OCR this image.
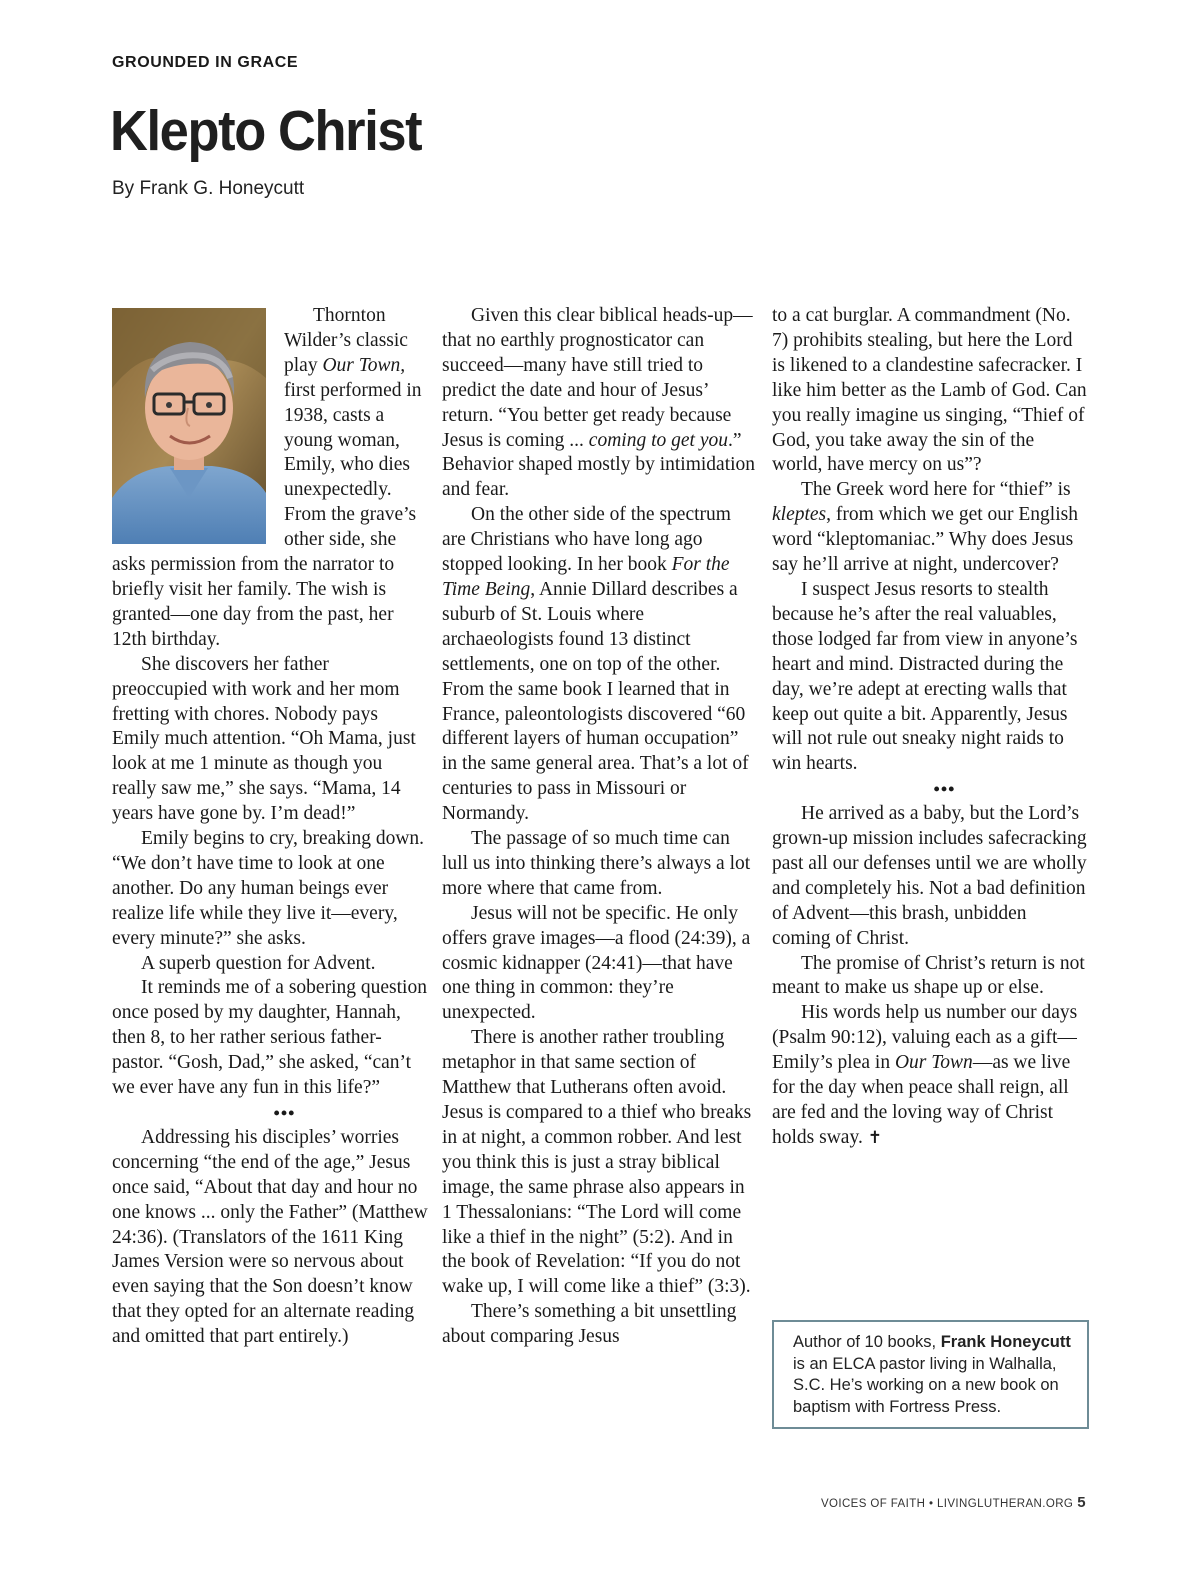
GROUNDED IN GRACE
Klepto Christ
By Frank G. Honeycutt

Thornton Wilder’s classic play Our Town, first performed in 1938, casts a young woman, Emily, who dies unexpectedly. From the grave’s other side, she asks permission from the narrator to briefly visit her family. The wish is granted—one day from the past, her 12th birthday.

She discovers her father preoccupied with work and her mom fretting with chores. Nobody pays Emily much attention. “Oh Mama, just look at me 1 minute as though you really saw me,” she says. “Mama, 14 years have gone by. I’m dead!”

Emily begins to cry, breaking down. “We don’t have time to look at one another. Do any human beings ever realize life while they live it—every, every minute?” she asks.

A superb question for Advent.

It reminds me of a sobering question once posed by my daughter, Hannah, then 8, to her rather serious father-pastor. “Gosh, Dad,” she asked, “can’t we ever have any fun in this life?”

•••

Addressing his disciples’ worries concerning “the end of the age,” Jesus once said, “About that day and hour no one knows ... only the Father” (Matthew 24:36). (Translators of the 1611 King James Version were so nervous about even saying that the Son doesn’t know that they opted for an alternate reading and omitted that part entirely.)

Given this clear biblical heads-up—that no earthly prognosticator can succeed—many have still tried to predict the date and hour of Jesus’ return. “You better get ready because Jesus is coming ... coming to get you.” Behavior shaped mostly by intimidation and fear.

On the other side of the spectrum are Christians who have long ago stopped looking. In her book For the Time Being, Annie Dillard describes a suburb of St. Louis where archaeologists found 13 distinct settlements, one on top of the other. From the same book I learned that in France, paleontologists discovered “60 different layers of human occupation” in the same general area. That’s a lot of centuries to pass in Missouri or Normandy.

The passage of so much time can lull us into thinking there’s always a lot more where that came from.

Jesus will not be specific. He only offers grave images—a flood (24:39), a cosmic kidnapper (24:41)—that have one thing in common: they’re unexpected.

There is another rather troubling metaphor in that same section of Matthew that Lutherans often avoid. Jesus is compared to a thief who breaks in at night, a common robber. And lest you think this is just a stray biblical image, the same phrase also appears in 1 Thessalonians: “The Lord will come like a thief in the night” (5:2). And in the book of Revelation: “If you do not wake up, I will come like a thief” (3:3).

There’s something a bit unsettling about comparing Jesus

to a cat burglar. A commandment (No. 7) prohibits stealing, but here the Lord is likened to a clandestine safecracker. I like him better as the Lamb of God. Can you really imagine us singing, “Thief of God, you take away the sin of the world, have mercy on us”?

The Greek word here for “thief” is kleptes, from which we get our English word “kleptomaniac.” Why does Jesus say he’ll arrive at night, undercover?

I suspect Jesus resorts to stealth because he’s after the real valuables, those lodged far from view in anyone’s heart and mind. Distracted during the day, we’re adept at erecting walls that keep out quite a bit. Apparently, Jesus will not rule out sneaky night raids to win hearts.

•••

He arrived as a baby, but the Lord’s grown-up mission includes safecracking past all our defenses until we are wholly and completely his. Not a bad definition of Advent—this brash, unbidden coming of Christ.

The promise of Christ’s return is not meant to make us shape up or else.

His words help us number our days (Psalm 90:12), valuing each as a gift—Emily’s plea in Our Town—as we live for the day when peace shall reign, all are fed and the loving way of Christ holds sway. ✝

Author of 10 books, Frank Honeycutt is an ELCA pastor living in Walhalla, S.C. He’s working on a new book on baptism with Fortress Press.
VOICES OF FAITH • LIVINGLUTHERAN.ORG 5
